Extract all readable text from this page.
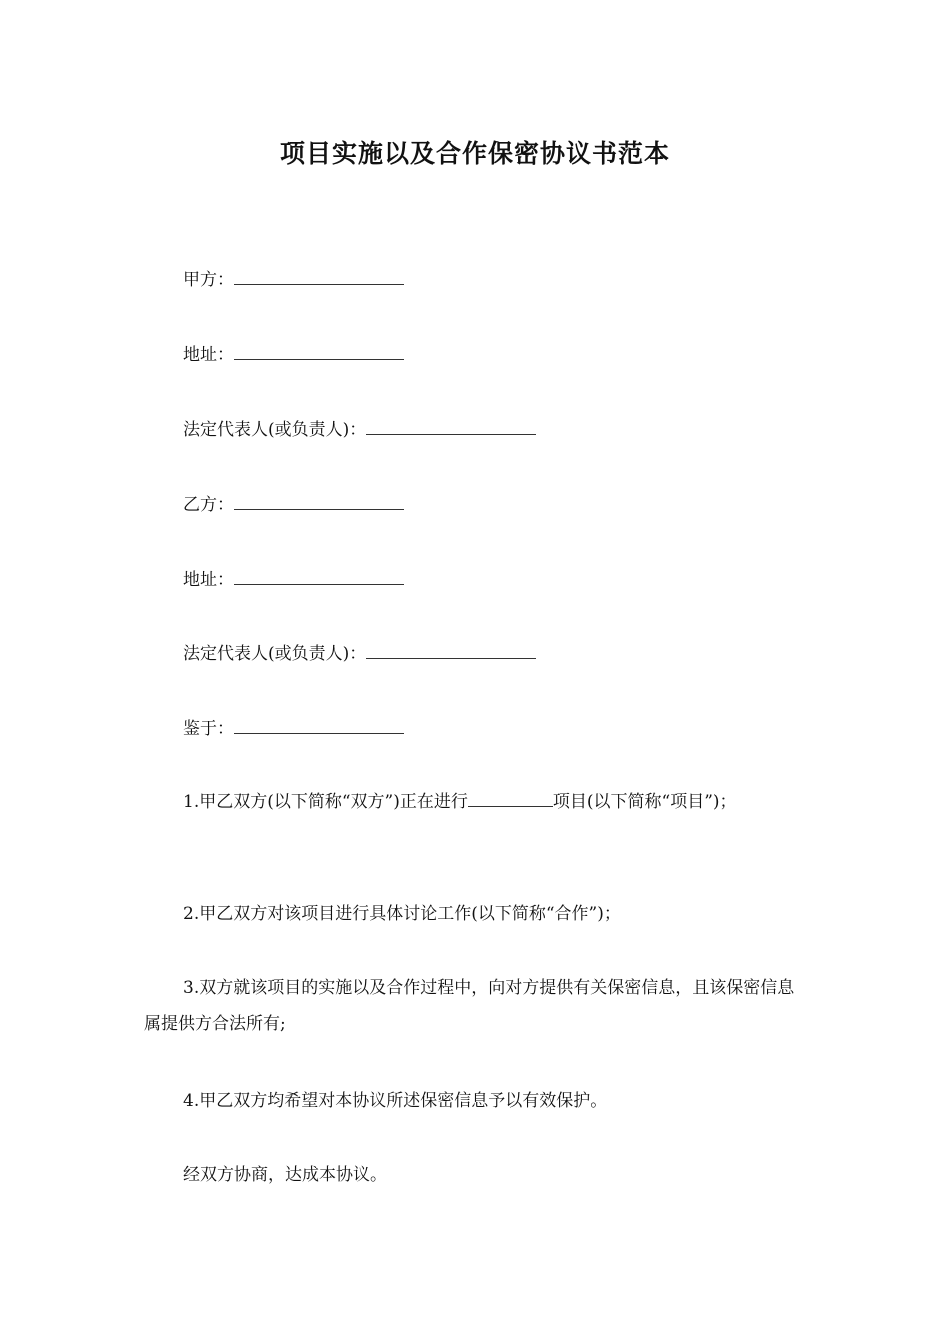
项目实施以及合作保密协议书范本
甲方：
地址：
法定代表人(或负责人)：
乙方：
地址：
法定代表人(或负责人)：
鉴于：

1.甲乙双方(以下简称“双方”)正在进行	项目(以下简称“项目”)；

2.甲乙双方对该项目进行具体讨论工作(以下简称“合作”)；

3.双方就该项目的实施以及合作过程中，向对方提供有关保密信息，且该保密信息属提供方合法所有;

4.甲乙双方均希望对本协议所述保密信息予以有效保护。

经双方协商，达成本协议。
